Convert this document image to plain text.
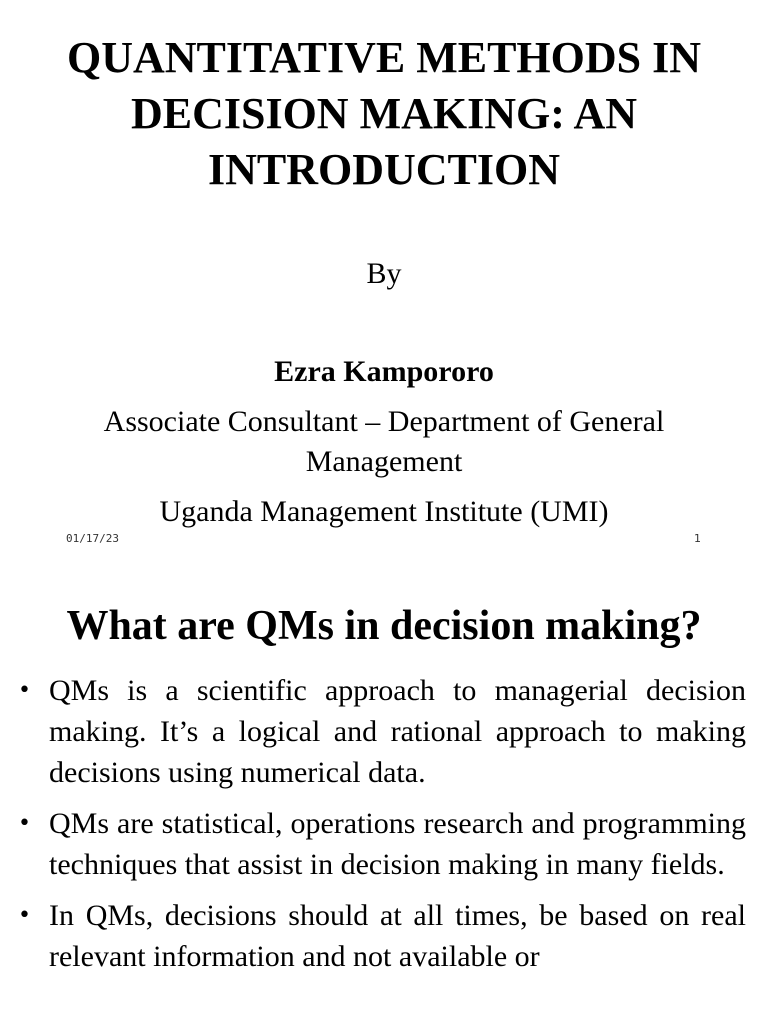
QUANTITATIVE METHODS IN
DECISION MAKING: AN
INTRODUCTION
By
Ezra Kampororo
Associate Consultant – Department of General Management
Uganda Management Institute (UMI)
01/17/23	1
What are QMs in decision making?
• QMs is a scientific approach to managerial decision making. It’s a logical and rational approach to making decisions using numerical data.
• QMs are statistical, operations research and programming techniques that assist in decision making in many fields.
• In QMs, decisions should at all times, be based on real relevant information and not available or
